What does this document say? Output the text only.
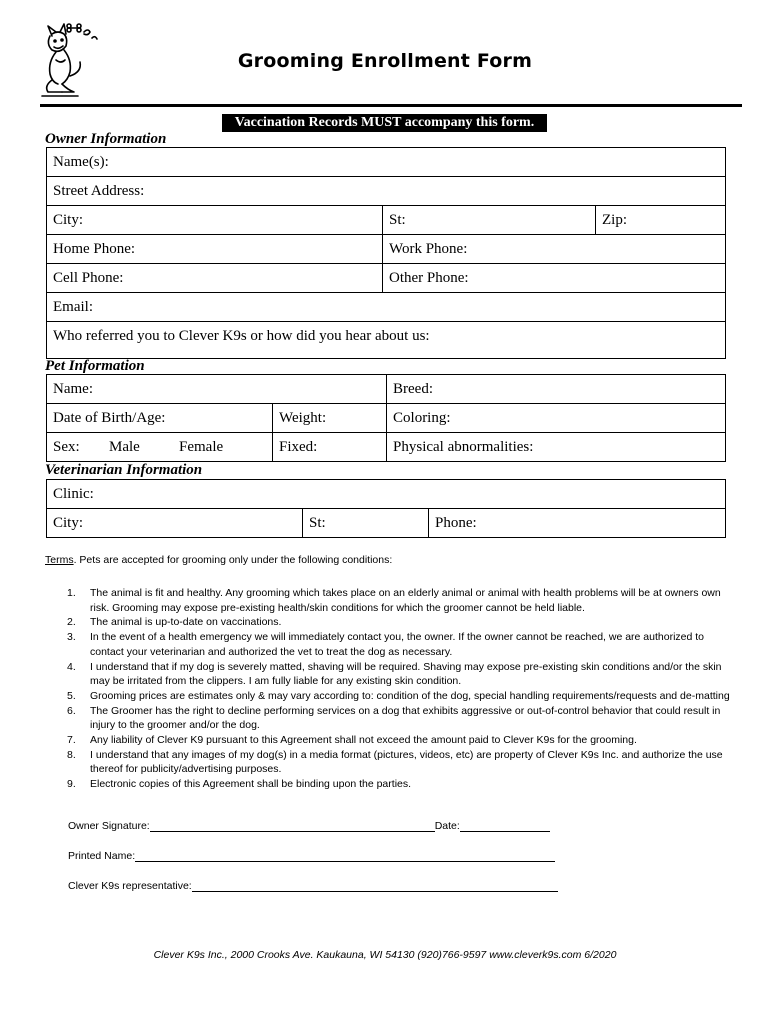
Grooming Enrollment Form
Vaccination Records MUST accompany this form.
Owner Information
Name(s):	
Street Address:	
City:	St: Zip:

Home Phone:	Work Phone:
Cell Phone:	Other Phone:
Email:	
Who referred you to Clever K9s or how did you hear about us:	
Pet Information
Name:		Breed:
Date of Birth/Age:	Weight:	Coloring:
Sex: Male Female	Fixed:	Physical abnormalities:
Veterinarian Information
Clinic:
City:	St:	Phone:
Terms. Pets are accepted for grooming only under the following conditions:
1. The animal is fit and healthy. Any grooming which takes place on an elderly animal or animal with health problems will be at owners own risk. Grooming may expose pre-existing health/skin conditions for which the groomer cannot be held liable.
2. The animal is up-to-date on vaccinations.
3. In the event of a health emergency we will immediately contact you, the owner. If the owner cannot be reached, we are authorized to contact your veterinarian and authorized the vet to treat the dog as necessary.
4. I understand that if my dog is severely matted, shaving will be required. Shaving may expose pre-existing skin conditions and/or the skin may be irritated from the clippers. I am fully liable for any existing skin condition.
5. Grooming prices are estimates only & may vary according to: condition of the dog, special handling requirements/requests and de-matting
6. The Groomer has the right to decline performing services on a dog that exhibits aggressive or out-of-control behavior that could result in injury to the groomer and/or the dog.
7. Any liability of Clever K9 pursuant to this Agreement shall not exceed the amount paid to Clever K9s for the grooming.
8. I understand that any images of my dog(s) in a media format (pictures, videos, etc) are property of Clever K9s Inc. and authorize the use thereof for publicity/advertising purposes.
9. Electronic copies of this Agreement shall be binding upon the parties.
Owner Signature:	Date:
Printed Name:
Clever K9s representative:
Clever K9s Inc., 2000 Crooks Ave. Kaukauna, WI 54130 (920)766-9597 www.cleverk9s.com 6/2020
